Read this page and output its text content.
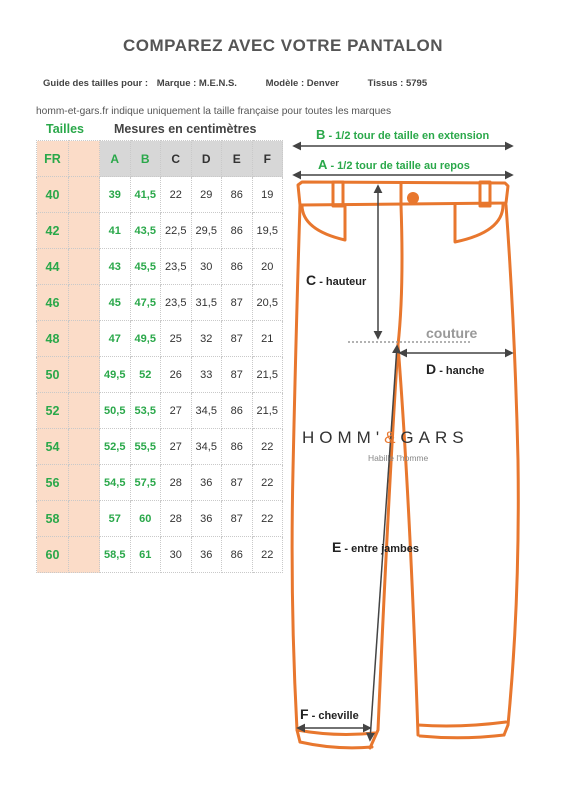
COMPAREZ AVEC VOTRE PANTALON
Guide des tailles pour : Marque : M.E.N.S.	Modèle : Denver	Tissus : 5795
homm-et-gars.fr indique uniquement la taille française pour toutes les marques
Tailles Mesures en centimètres
FR		A	B	C	D	E	F
40		39	41,5	22	29	86	19
42		41	43,5	22,5	29,5	86	19,5
44		43	45,5	23,5	30	86	20
46		45	47,5	23,5	31,5	87	20,5
48		47	49,5	25	32	87	21
50		49,5	52	26	33	87	21,5
52		50,5	53,5	27	34,5	86	21,5
54		52,5	55,5	27	34,5	86	22
56		54,5	57,5	28	36	87	22
58		57	60	28	36	87	22
60		58,5	61	30	36	86	22
B - 1/2 tour de taille en extension
A - 1/2 tour de taille au repos
C - hauteur
couture
D - hanche
HOMM'&GARS
Habille l'homme
E - entre jambes
F - cheville
